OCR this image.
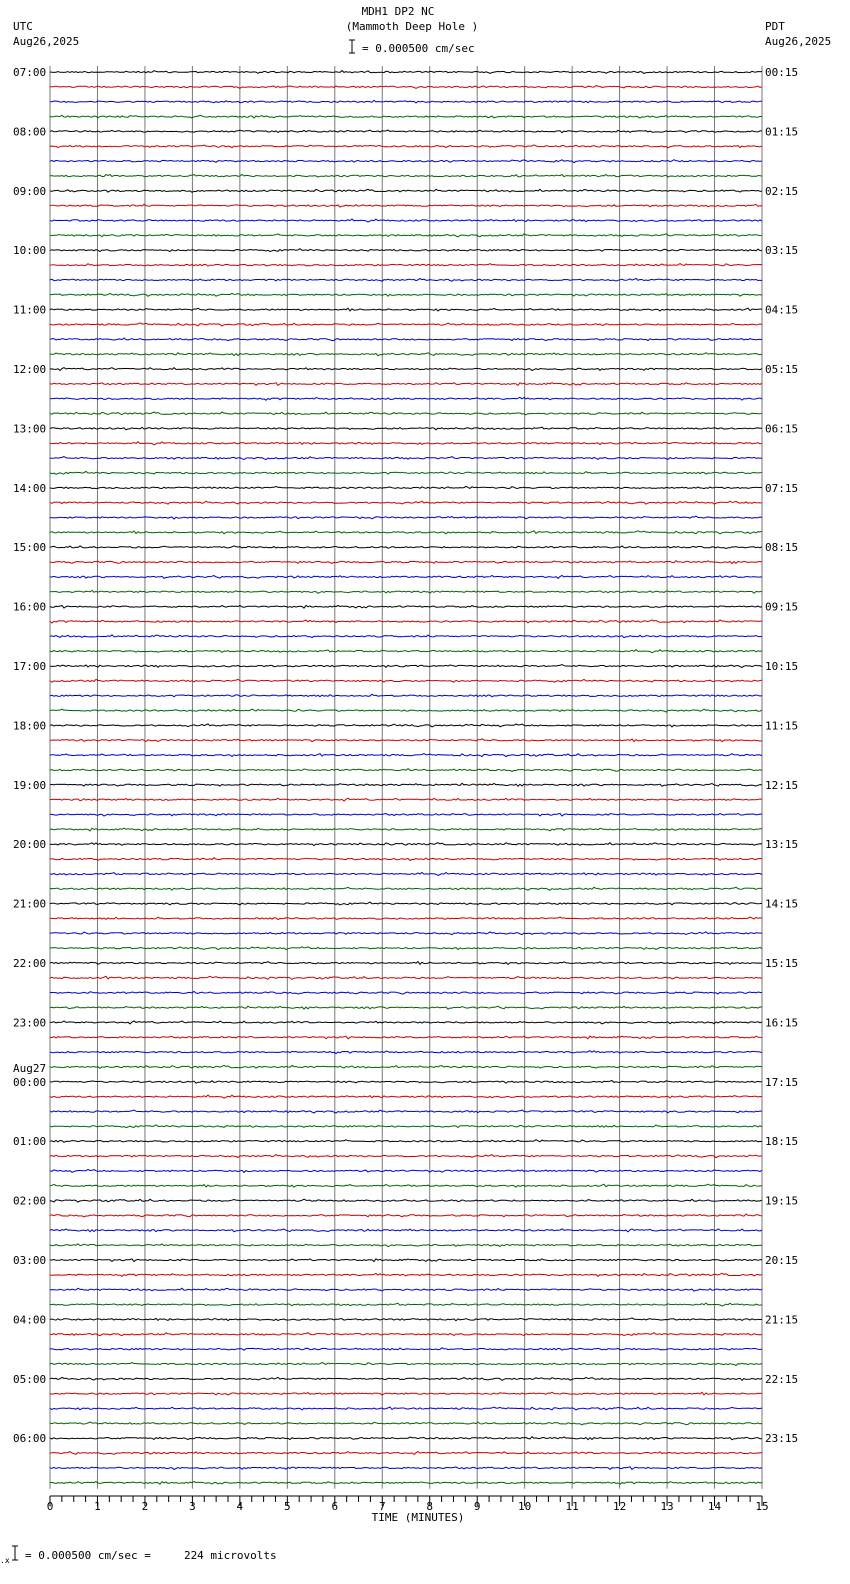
MDH1 DP2 NC
(Mammoth Deep Hole )
= 0.000500 cm/sec
UTC
Aug26,2025
PDT
Aug26,2025
07:00
08:00
09:00
10:00
11:00
12:00
13:00
14:00
15:00
16:00
17:00
18:00
19:00
20:00
21:00
22:00
23:00
00:00
01:00
02:00
03:00
04:00
05:00
06:00
Aug27
00:15
01:15
02:15
03:15
04:15
05:15
06:15
07:15
08:15
09:15
10:15
11:15
12:15
13:15
14:15
15:15
16:15
17:15
18:15
19:15
20:15
21:15
22:15
23:15
0	1	2	3	4	5	6	7	8	9	10	11	12	13	14	15
TIME (MINUTES)
.x = 0.000500 cm/sec =     224 microvolts
